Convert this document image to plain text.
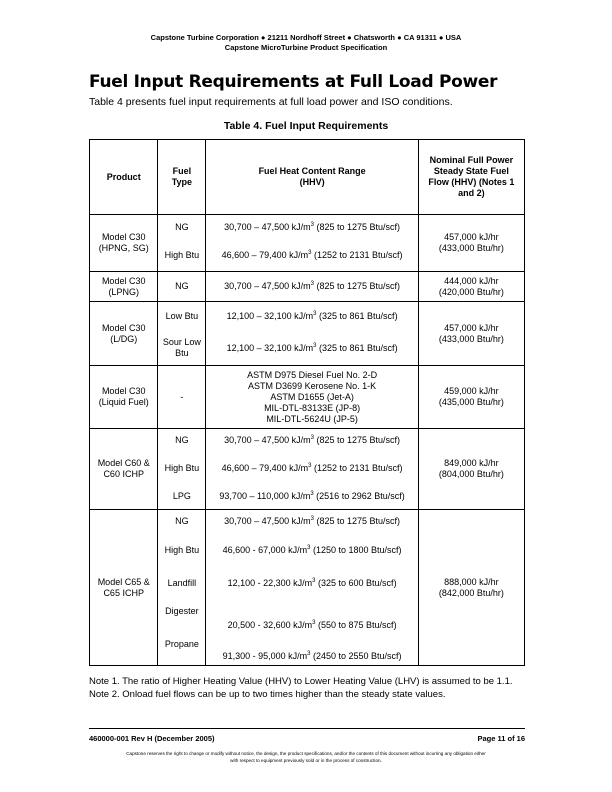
Capstone Turbine Corporation ● 21211 Nordhoff Street ● Chatsworth ● CA 91311 ● USA
Capstone MicroTurbine Product Specification
Fuel Input Requirements at Full Load Power
Table 4 presents fuel input requirements at full load power and ISO conditions.
Table 4. Fuel Input Requirements
Product	Fuel Type	Fuel Heat Content Range (HHV)	Nominal Full Power Steady State Fuel Flow (HHV) (Notes 1 and 2)

Model C30 (HPNG, SG)	NG	30,700 – 47,500 $kJ/m^3$ (825 to 1275 Btu/scf)	457,000 kJ/hr (433,000 Btu/hr)

	High Btu	46,600 – 79,400 $kJ/m^3$ (1252 to 2131 Btu/scf)	

Model C30 (LPNG)	NG	30,700 – 47,500 $kJ/m^3$ (825 to 1275 Btu/scf)	444,000 kJ/hr (420,000 Btu/hr)

Model C30 (L/DG)	Low Btu	12,100 – 32,100 $kJ/m^3$ (325 to 861 Btu/scf)	457,000 kJ/hr (433,000 Btu/hr)

	Sour Low Btu	12,100 – 32,100 $kJ/m^3$ (325 to 861 Btu/scf)	

Model C30 (Liquid Fuel)	-	ASTM D975 Diesel Fuel No. 2-D
ASTM D3699 Kerosene No. 1-K
ASTM D1655 (Jet-A)
MIL-DTL-83133E (JP-8)
MIL-DTL-5624U (JP-5)	459,000 kJ/hr (435,000 Btu/hr)

Model C60 & C60 ICHP	NG	30,700 – 47,500 $kJ/m^3$ (825 to 1275 Btu/scf)	849,000 kJ/hr (804,000 Btu/hr)

	High Btu	46,600 – 79,400 $kJ/m^3$ (1252 to 2131 Btu/scf)	
	LPG	93,700 – 110,000 $kJ/m^3$ (2516 to 2962 Btu/scf)	

Model C65 & C65 ICHP	NG	30,700 – 47,500 $kJ/m^3$ (825 to 1275 Btu/scf)	888,000 kJ/hr (842,000 Btu/hr)

	High Btu	46,600 - 67,000 $kJ/m^3$ (1250 to 1800 Btu/scf)	
	Landfill	12,100 - 22,300 $kJ/m^3$ (325 to 600 Btu/scf)	
	Digester	20,500 - 32,600 $kJ/m^3$ (550 to 875 Btu/scf)	
	Propane	91,300 - 95,000 $kJ/m^3$ (2450 to 2550 Btu/scf)	
Note 1. The ratio of Higher Heating Value (HHV) to Lower Heating Value (LHV) is assumed to be 1.1.
Note 2. Onload fuel flows can be up to two times higher than the steady state values.
460000-001 Rev H (December 2005)	Page 11 of 16
Capstone reserves the right to change or modify without notice, the design, the product specifications, and/or the contents of this document without incurring any obligation either
with respect to equipment previously sold or in the process of construction.
